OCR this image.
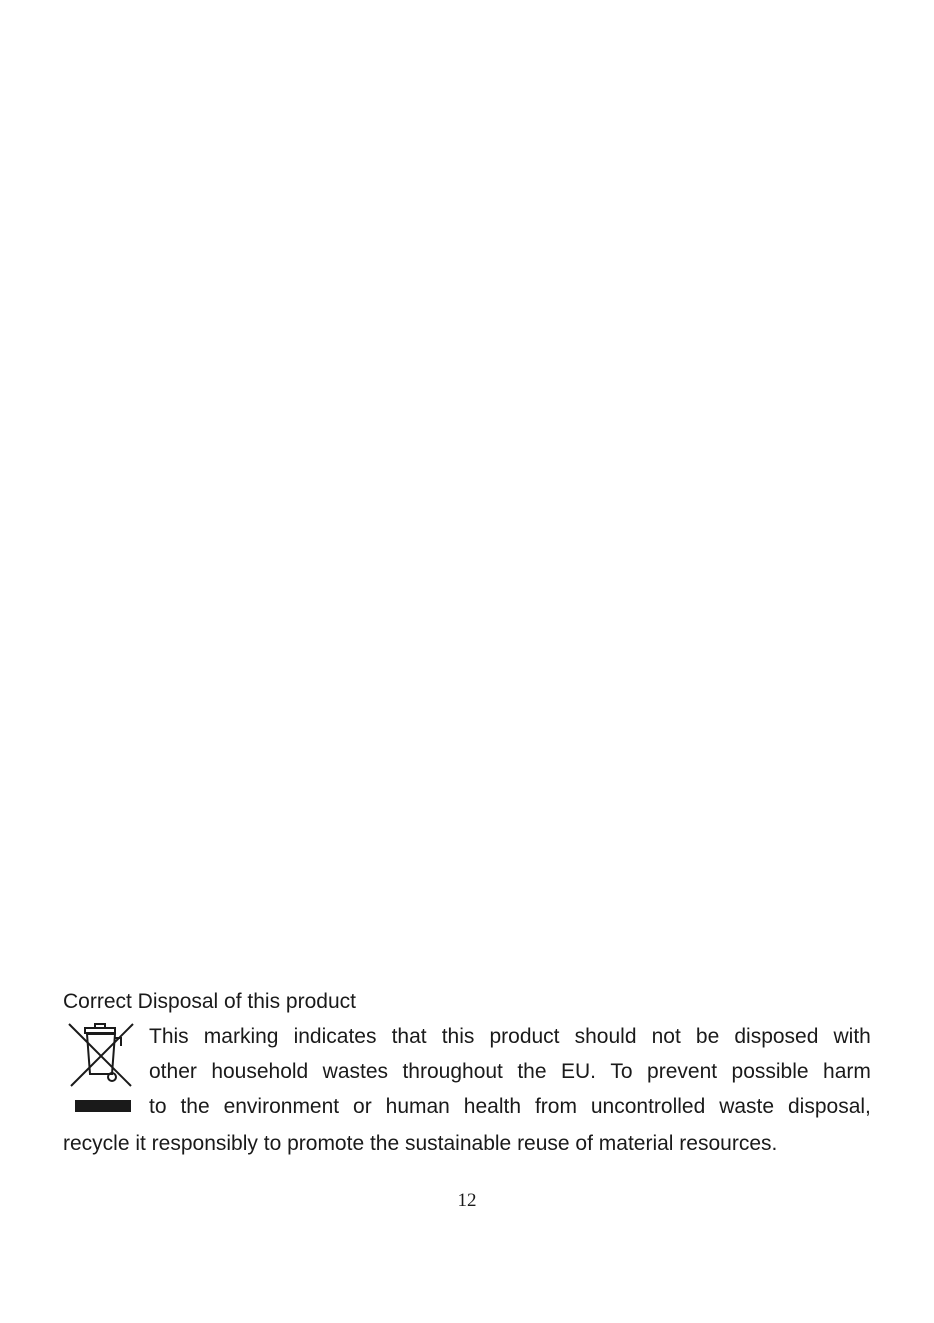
Correct Disposal of this product
This marking indicates that this product should not be disposed with
other household wastes throughout the EU. To prevent possible harm
to the environment or human health from uncontrolled waste disposal,
recycle it responsibly to promote the sustainable reuse of material resources.
12
